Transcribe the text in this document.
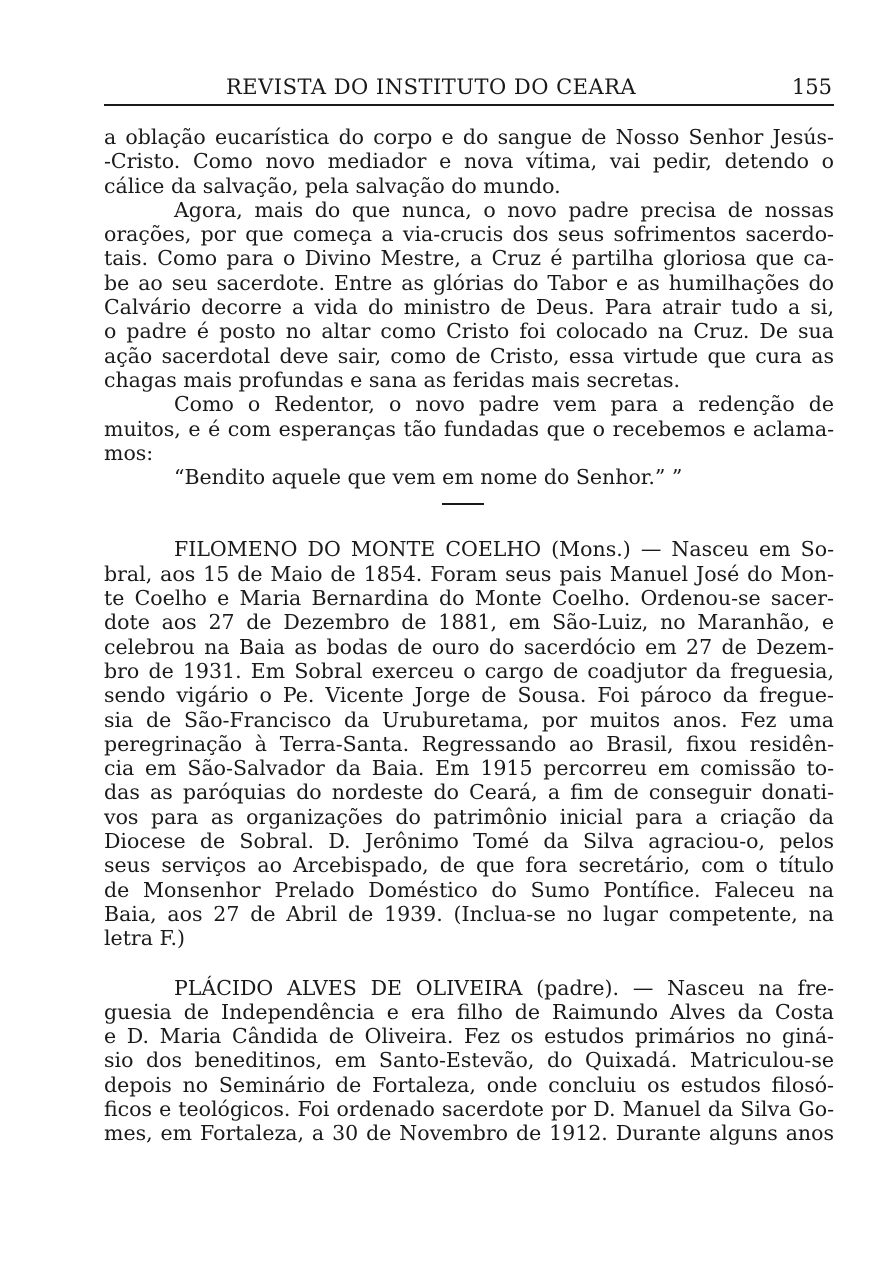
REVISTA DO INSTITUTO DO CEARA	155
a oblação eucarística do corpo e do sangue de Nosso Senhor Jesús-
-Cristo. Como novo mediador e nova vítima, vai pedir, detendo o
cálice da salvação, pela salvação do mundo.
Agora, mais do que nunca, o novo padre precisa de nossas
orações, por que começa a via-crucis dos seus sofrimentos sacerdo-
tais. Como para o Divino Mestre, a Cruz é partilha gloriosa que ca-
be ao seu sacerdote. Entre as glórias do Tabor e as humilhações do
Calvário decorre a vida do ministro de Deus. Para atrair tudo a si,
o padre é posto no altar como Cristo foi colocado na Cruz. De sua
ação sacerdotal deve sair, como de Cristo, essa virtude que cura as
chagas mais profundas e sana as feridas mais secretas.
Como o Redentor, o novo padre vem para a redenção de
muitos, e é com esperanças tão fundadas que o recebemos e aclama-
mos:
“Bendito aquele que vem em nome do Senhor.” ”
FILOMENO DO MONTE COELHO (Mons.) — Nasceu em So-
bral, aos 15 de Maio de 1854. Foram seus pais Manuel José do Mon-
te Coelho e Maria Bernardina do Monte Coelho. Ordenou-se sacer-
dote aos 27 de Dezembro de 1881, em São-Luiz, no Maranhão, e
celebrou na Baia as bodas de ouro do sacerdócio em 27 de Dezem-
bro de 1931. Em Sobral exerceu o cargo de coadjutor da freguesia,
sendo vigário o Pe. Vicente Jorge de Sousa. Foi pároco da fregue-
sia de São-Francisco da Uruburetama, por muitos anos. Fez uma
peregrinação à Terra-Santa. Regressando ao Brasil, fixou residên-
cia em São-Salvador da Baia. Em 1915 percorreu em comissão to-
das as paróquias do nordeste do Ceará, a fim de conseguir donati-
vos para as organizações do patrimônio inicial para a criação da
Diocese de Sobral. D. Jerônimo Tomé da Silva agraciou-o, pelos
seus serviços ao Arcebispado, de que fora secretário, com o título
de Monsenhor Prelado Doméstico do Sumo Pontífice. Faleceu na
Baia, aos 27 de Abril de 1939. (Inclua-se no lugar competente, na
letra F.)
PLÁCIDO ALVES DE OLIVEIRA (padre). — Nasceu na fre-
guesia de Independência e era filho de Raimundo Alves da Costa
e D. Maria Cândida de Oliveira. Fez os estudos primários no giná-
sio dos beneditinos, em Santo-Estevão, do Quixadá. Matriculou-se
depois no Seminário de Fortaleza, onde concluiu os estudos filosó-
ficos e teológicos. Foi ordenado sacerdote por D. Manuel da Silva Go-
mes, em Fortaleza, a 30 de Novembro de 1912. Durante alguns anos
